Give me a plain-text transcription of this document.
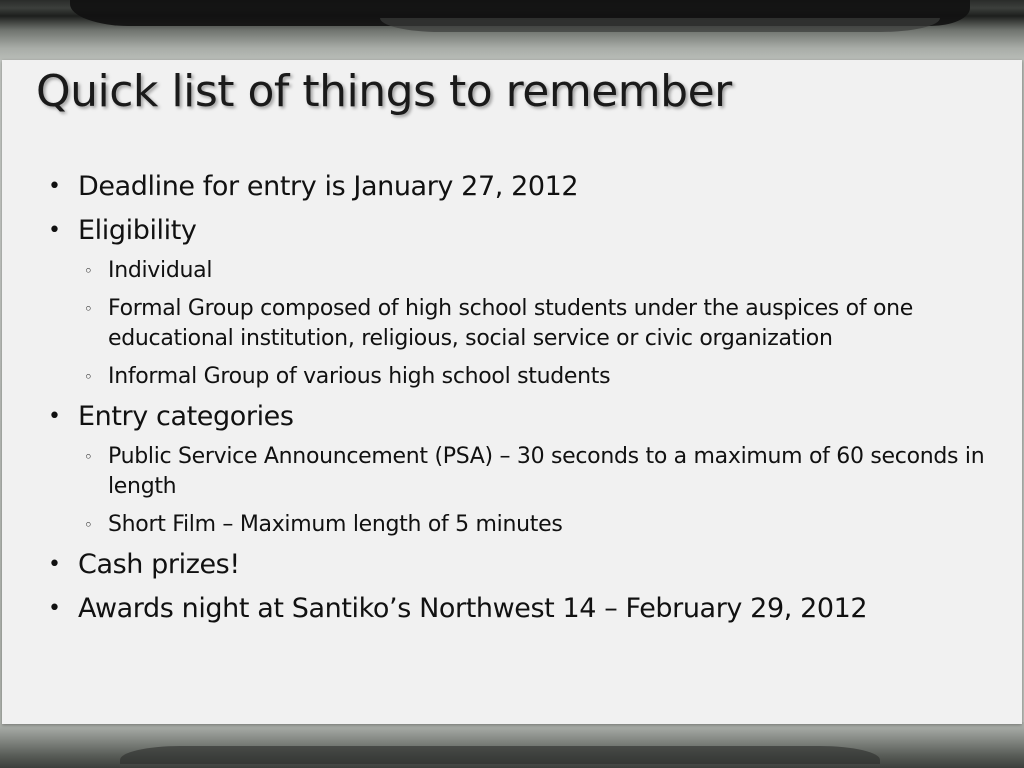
Quick list of things to remember
• Deadline for entry is January 27, 2012
• Eligibility
◦ Individual
◦ Formal Group composed of high school students under the auspices of one educational institution, religious, social service or civic organization
◦ Informal Group of various high school students
• Entry categories
◦ Public Service Announcement (PSA) – 30 seconds to a maximum of 60 seconds in length
◦ Short Film – Maximum length of 5 minutes
• Cash prizes!
• Awards night at Santiko’s Northwest 14 – February 29, 2012
